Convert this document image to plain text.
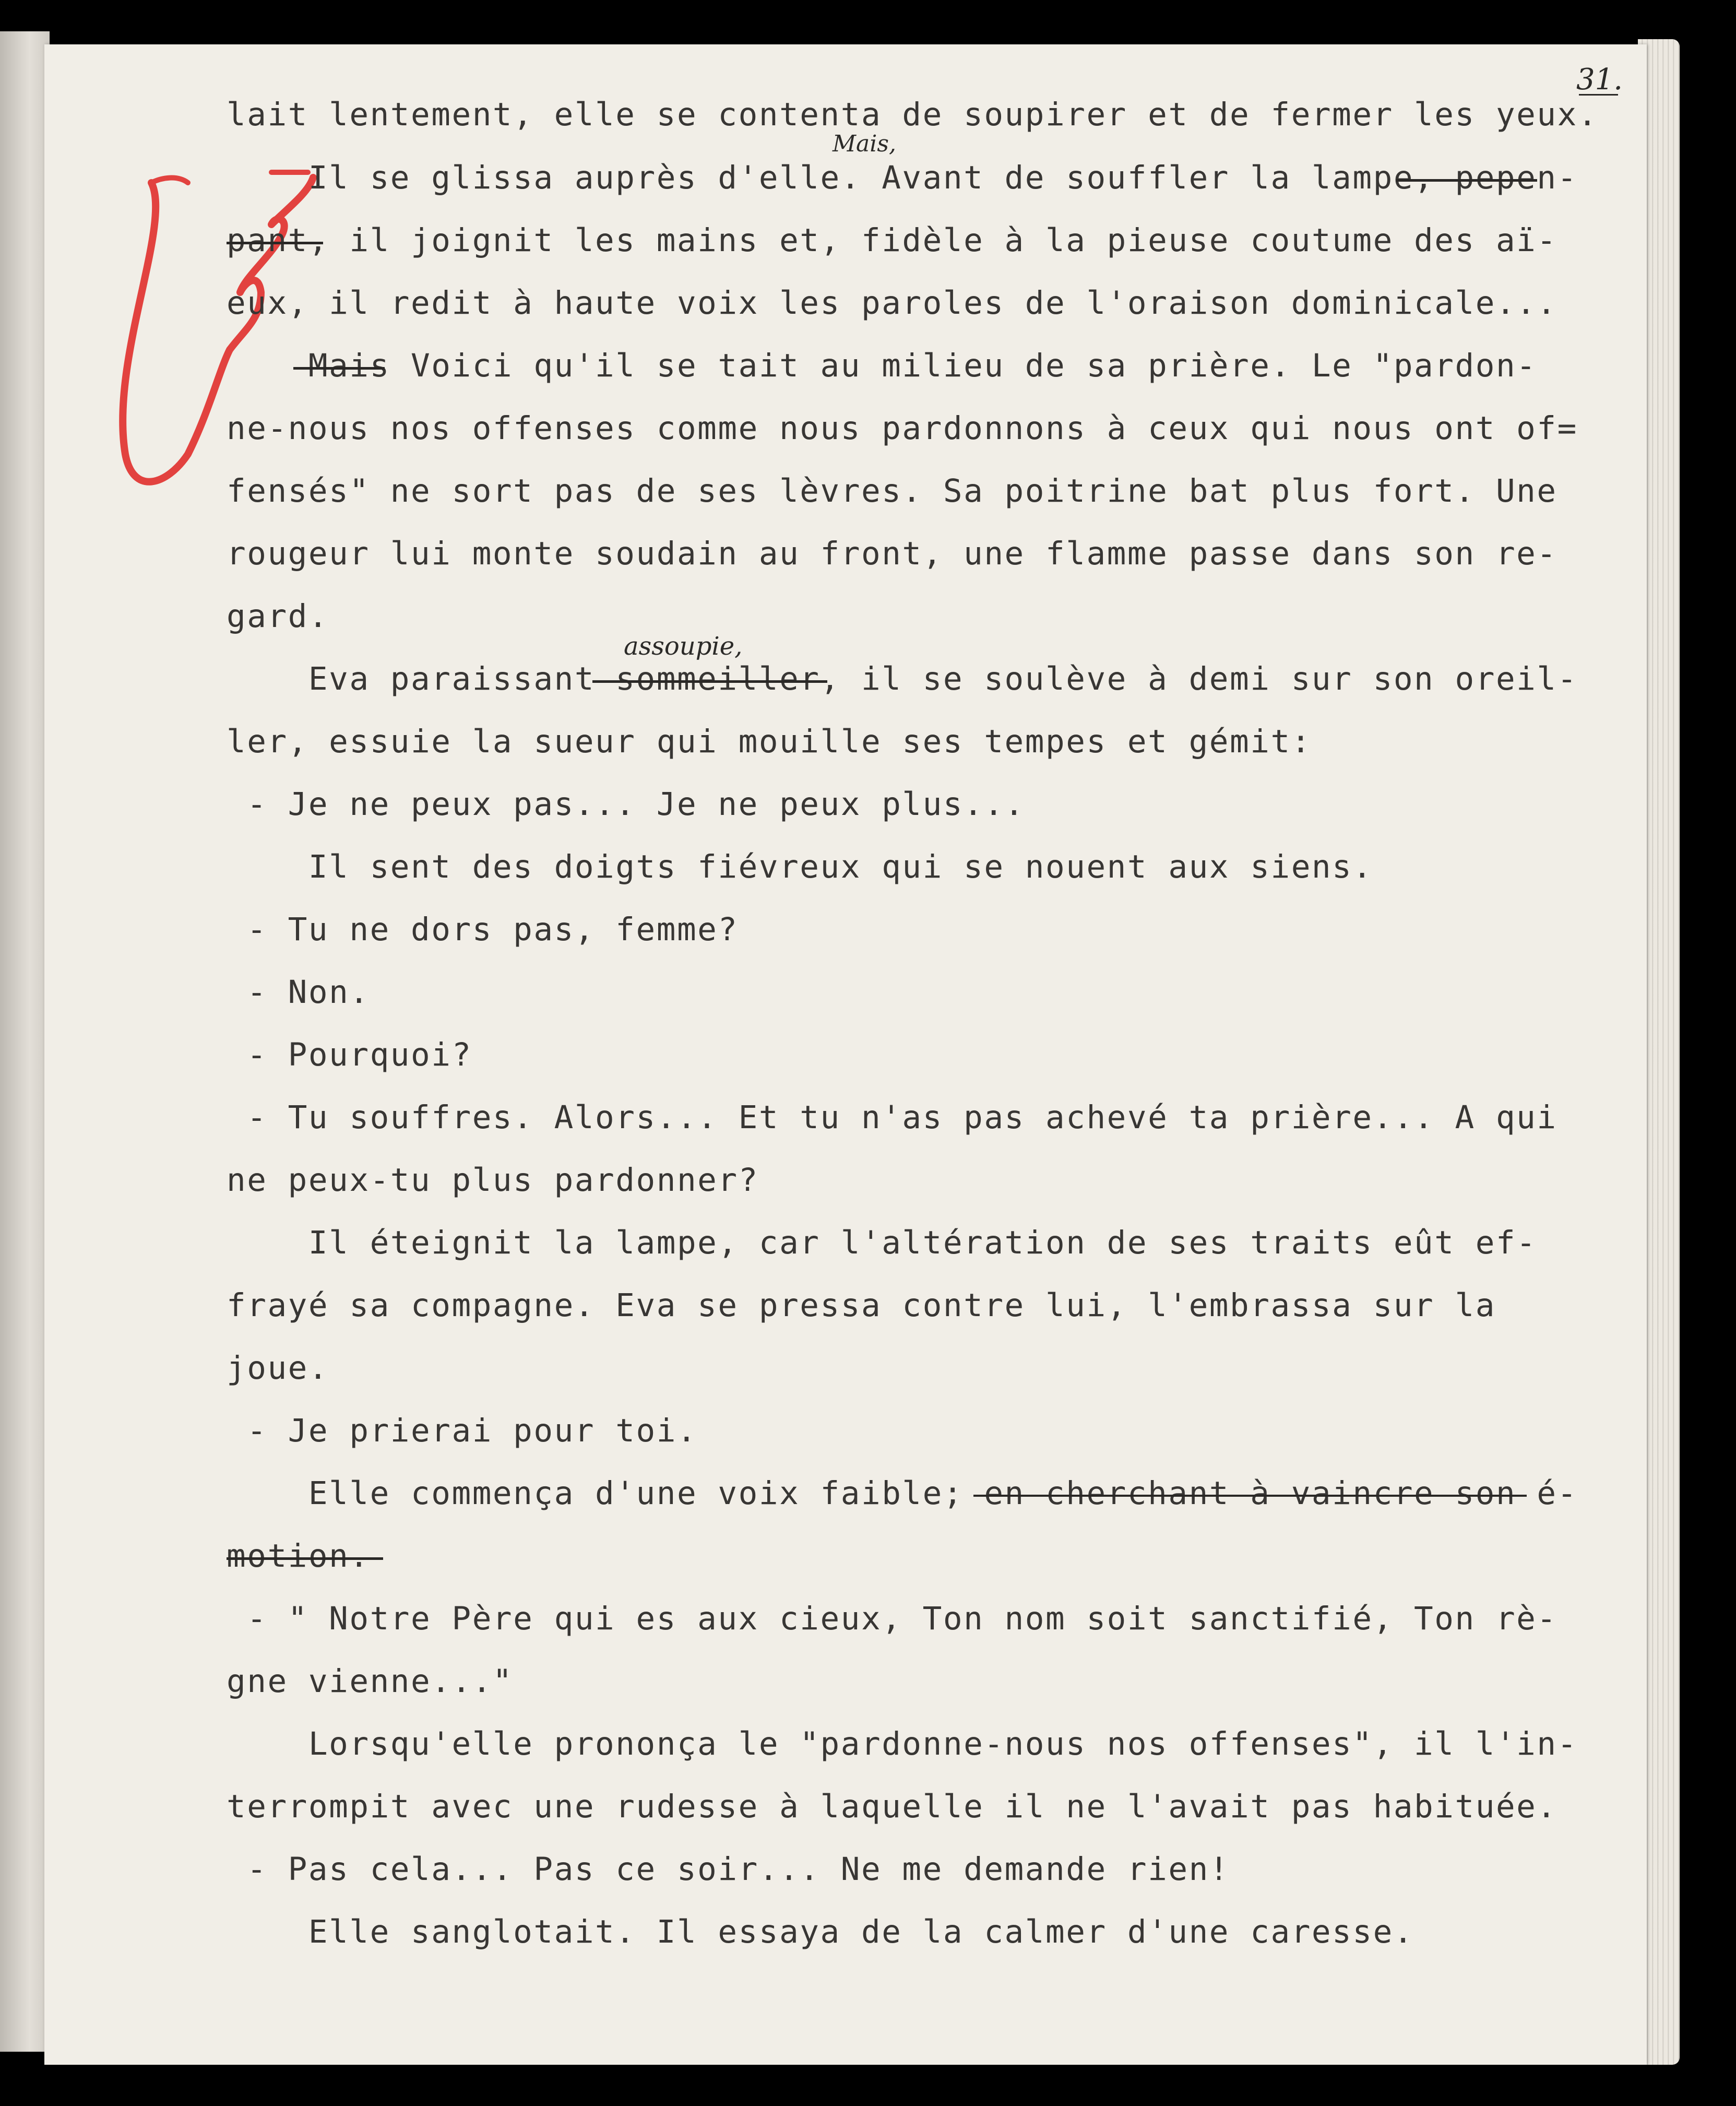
31.

lait lentement, elle se contenta de soupirer et de fermer les yeux.

Il se glissa auprès d'elle. Avant de souffler la lampe, pepen-

pant, il joignit les mains et, fidèle à la pieuse coutume des aï-

eux, il redit à haute voix les paroles de l'oraison dominicale...

Mais Voici qu'il se tait au milieu de sa prière. Le "pardon-

ne-nous nos offenses comme nous pardonnons à ceux qui nous ont of=

fensés" ne sort pas de ses lèvres. Sa poitrine bat plus fort. Une

rougeur lui monte soudain au front, une flamme passe dans son re-

gard.

Eva paraissant sommeiller, il se soulève à demi sur son oreil-

ler, essuie la sueur qui mouille ses tempes et gémit:

- Je ne peux pas... Je ne peux plus...

Il sent des doigts fiévreux qui se nouent aux siens.

- Tu ne dors pas, femme?

- Non.

- Pourquoi?

- Tu souffres. Alors... Et tu n'as pas achevé ta prière... A qui

ne peux-tu plus pardonner?

Il éteignit la lampe, car l'altération de ses traits eût ef-

frayé sa compagne. Eva se pressa contre lui, l'embrassa sur la

joue.

- Je prierai pour toi.

Elle commença d'une voix faible; en cherchant à vaincre son é-

motion.

- " Notre Père qui es aux cieux, Ton nom soit sanctifié, Ton rè-

gne vienne..."

Lorsqu'elle prononça le "pardonne-nous nos offenses", il l'in-

terrompit avec une rudesse à laquelle il ne l'avait pas habituée.

- Pas cela... Pas ce soir... Ne me demande rien!

Elle sanglotait. Il essaya de la calmer d'une caresse.

Mais,
assoupie,
